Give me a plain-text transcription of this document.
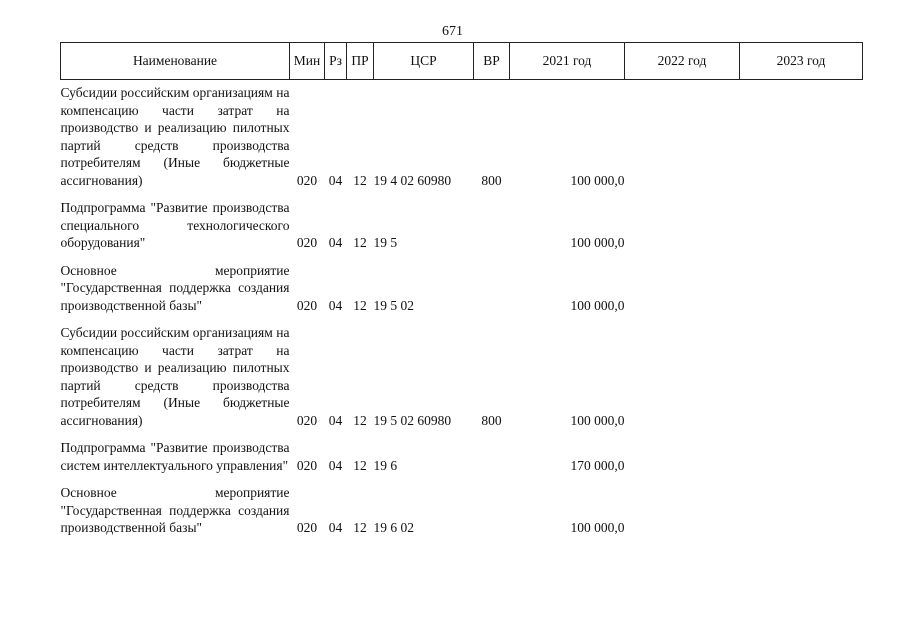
671
Наименование	Мин	Рз	ПР	ЦСР	ВР	2021 год	2022 год	2023 год	

Субсидии российским организациям на компенсацию части затрат на производство и реализацию пилотных партий средств производства потребителям (Иные бюджетные ассигнования)	020	04	12	19 4 02 60980	800	100 000,0			

Подпрограмма "Развитие производства специального технологического оборудования"	020	04	12	19 5		100 000,0			

Основное мероприятие "Государственная поддержка создания производственной базы"	020	04	12	19 5 02		100 000,0			

Субсидии российским организациям на компенсацию части затрат на производство и реализацию пилотных партий средств производства потребителям (Иные бюджетные ассигнования)	020	04	12	19 5 02 60980	800	100 000,0			

Подпрограмма "Развитие производства систем интеллектуального управления"	020	04	12	19 6		170 000,0			

Основное мероприятие "Государственная поддержка создания производственной базы"	020	04	12	19 6 02		100 000,0			
